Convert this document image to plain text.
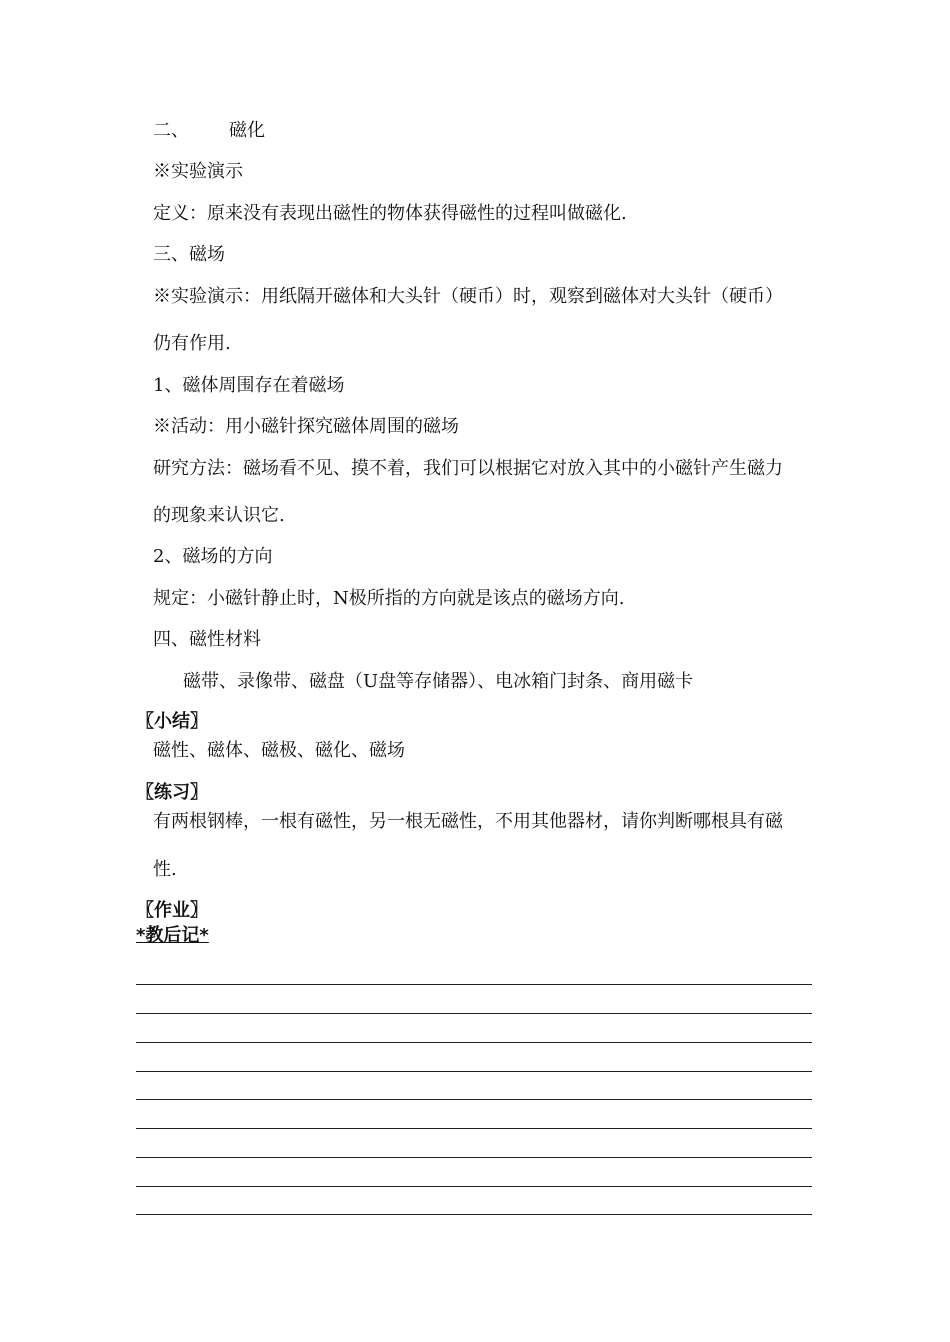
二、 磁化
※实验演示
定义：原来没有表现出磁性的物体获得磁性的过程叫做磁化.
三、磁场
※实验演示：用纸隔开磁体和大头针（硬币）时，观察到磁体对大头针（硬币）
仍有作用.
1、磁体周围存在着磁场
※活动：用小磁针探究磁体周围的磁场
研究方法：磁场看不见、摸不着，我们可以根据它对放入其中的小磁针产生磁力
的现象来认识它.
2、磁场的方向
规定：小磁针静止时，N极所指的方向就是该点的磁场方向.
四、磁性材料
磁带、录像带、磁盘（U盘等存储器）、电冰箱门封条、商用磁卡
〖小结〗
磁性、磁体、磁极、磁化、磁场
〖练习〗
有两根钢棒，一根有磁性，另一根无磁性，不用其他器材，请你判断哪根具有磁
性.
〖作业〗
*教后记*
